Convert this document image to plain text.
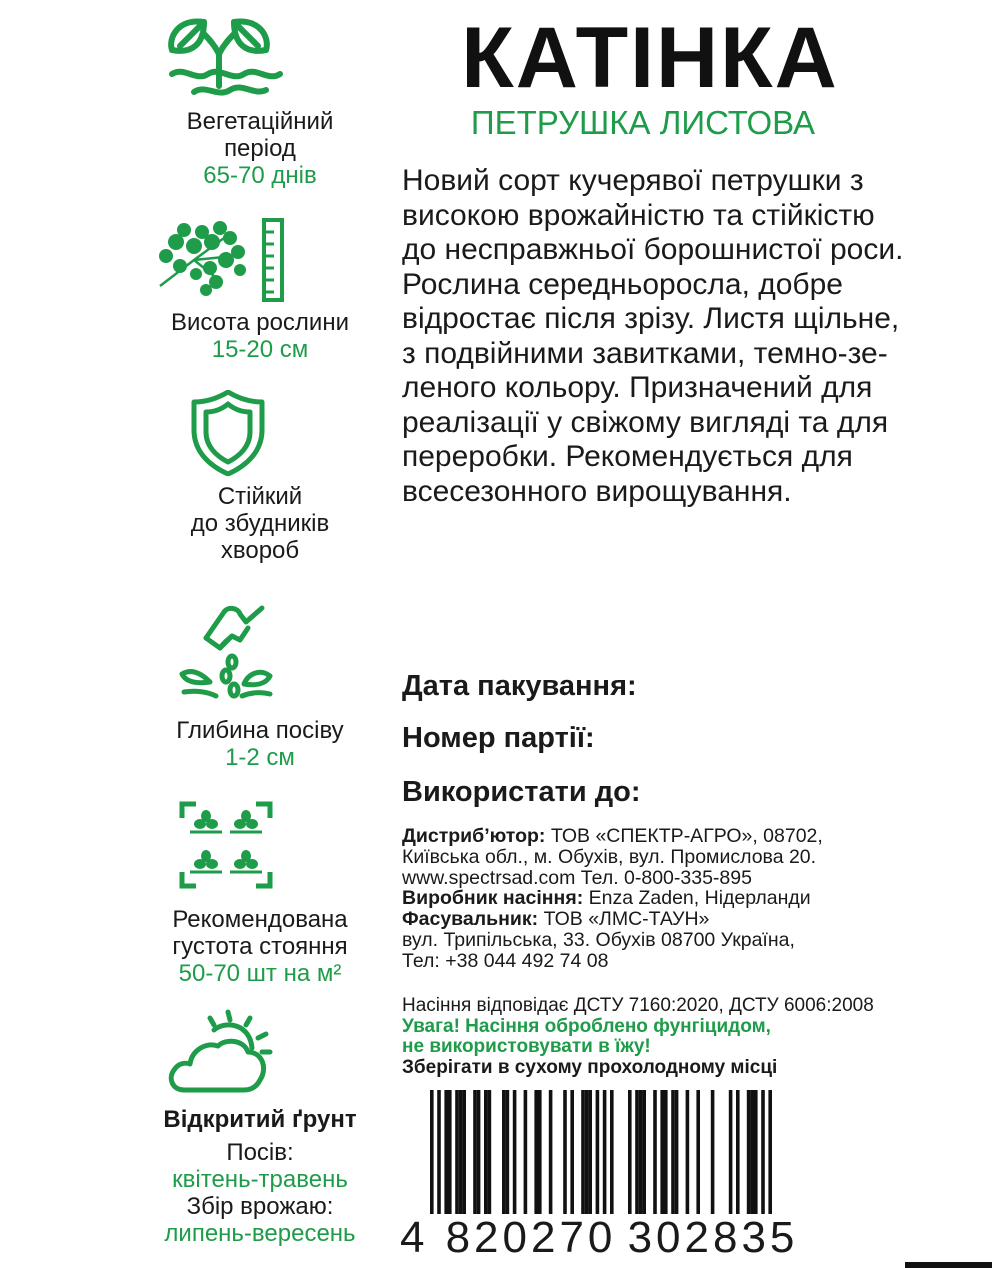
Вегетаційний
період
65-70 днів
Висота рослини
15-20 см
Стійкий
до збудників
хвороб
Глибина посіву
1-2 см
Рекомендована
густота стояння
50-70 шт на м²
Відкритий ґрунт
Посів:
квітень-травень
Збір врожаю:
липень-вересень
КАТІНКА
ПЕТРУШКА ЛИСТОВА
Новий сорт кучерявої петрушки з
високою врожайністю та стійкістю
до несправжньої борошнистої роси.
Рослина середньоросла, добре
відростає після зрізу. Листя щільне,
з подвійними завитками, темно-зе-
леного кольору. Призначений для
реалізації у свіжому вигляді та для
переробки. Рекомендується для
всесезонного вирощування.
Дата пакування:
Номер партії:
Використати до:
Дистриб’ютор: ТОВ «СПЕКТР-АГРО», 08702,
Київська обл., м. Обухів, вул. Промислова 20.
www.spectrsad.com Тел. 0-800-335-895
Виробник насіння: Enza Zaden, Нідерланди
Фасувальник: ТОВ «ЛМС-ТАУН»
вул. Трипільська, 33. Обухів 08700 Україна,
Тел: +38 044 492 74 08
Насіння відповідає ДСТУ 7160:2020, ДСТУ 6006:2008
Увага! Насіння оброблено фунгіцидом,
не використовувати в їжу!
Зберігати в сухому прохолодному місці
4 820270 302835
